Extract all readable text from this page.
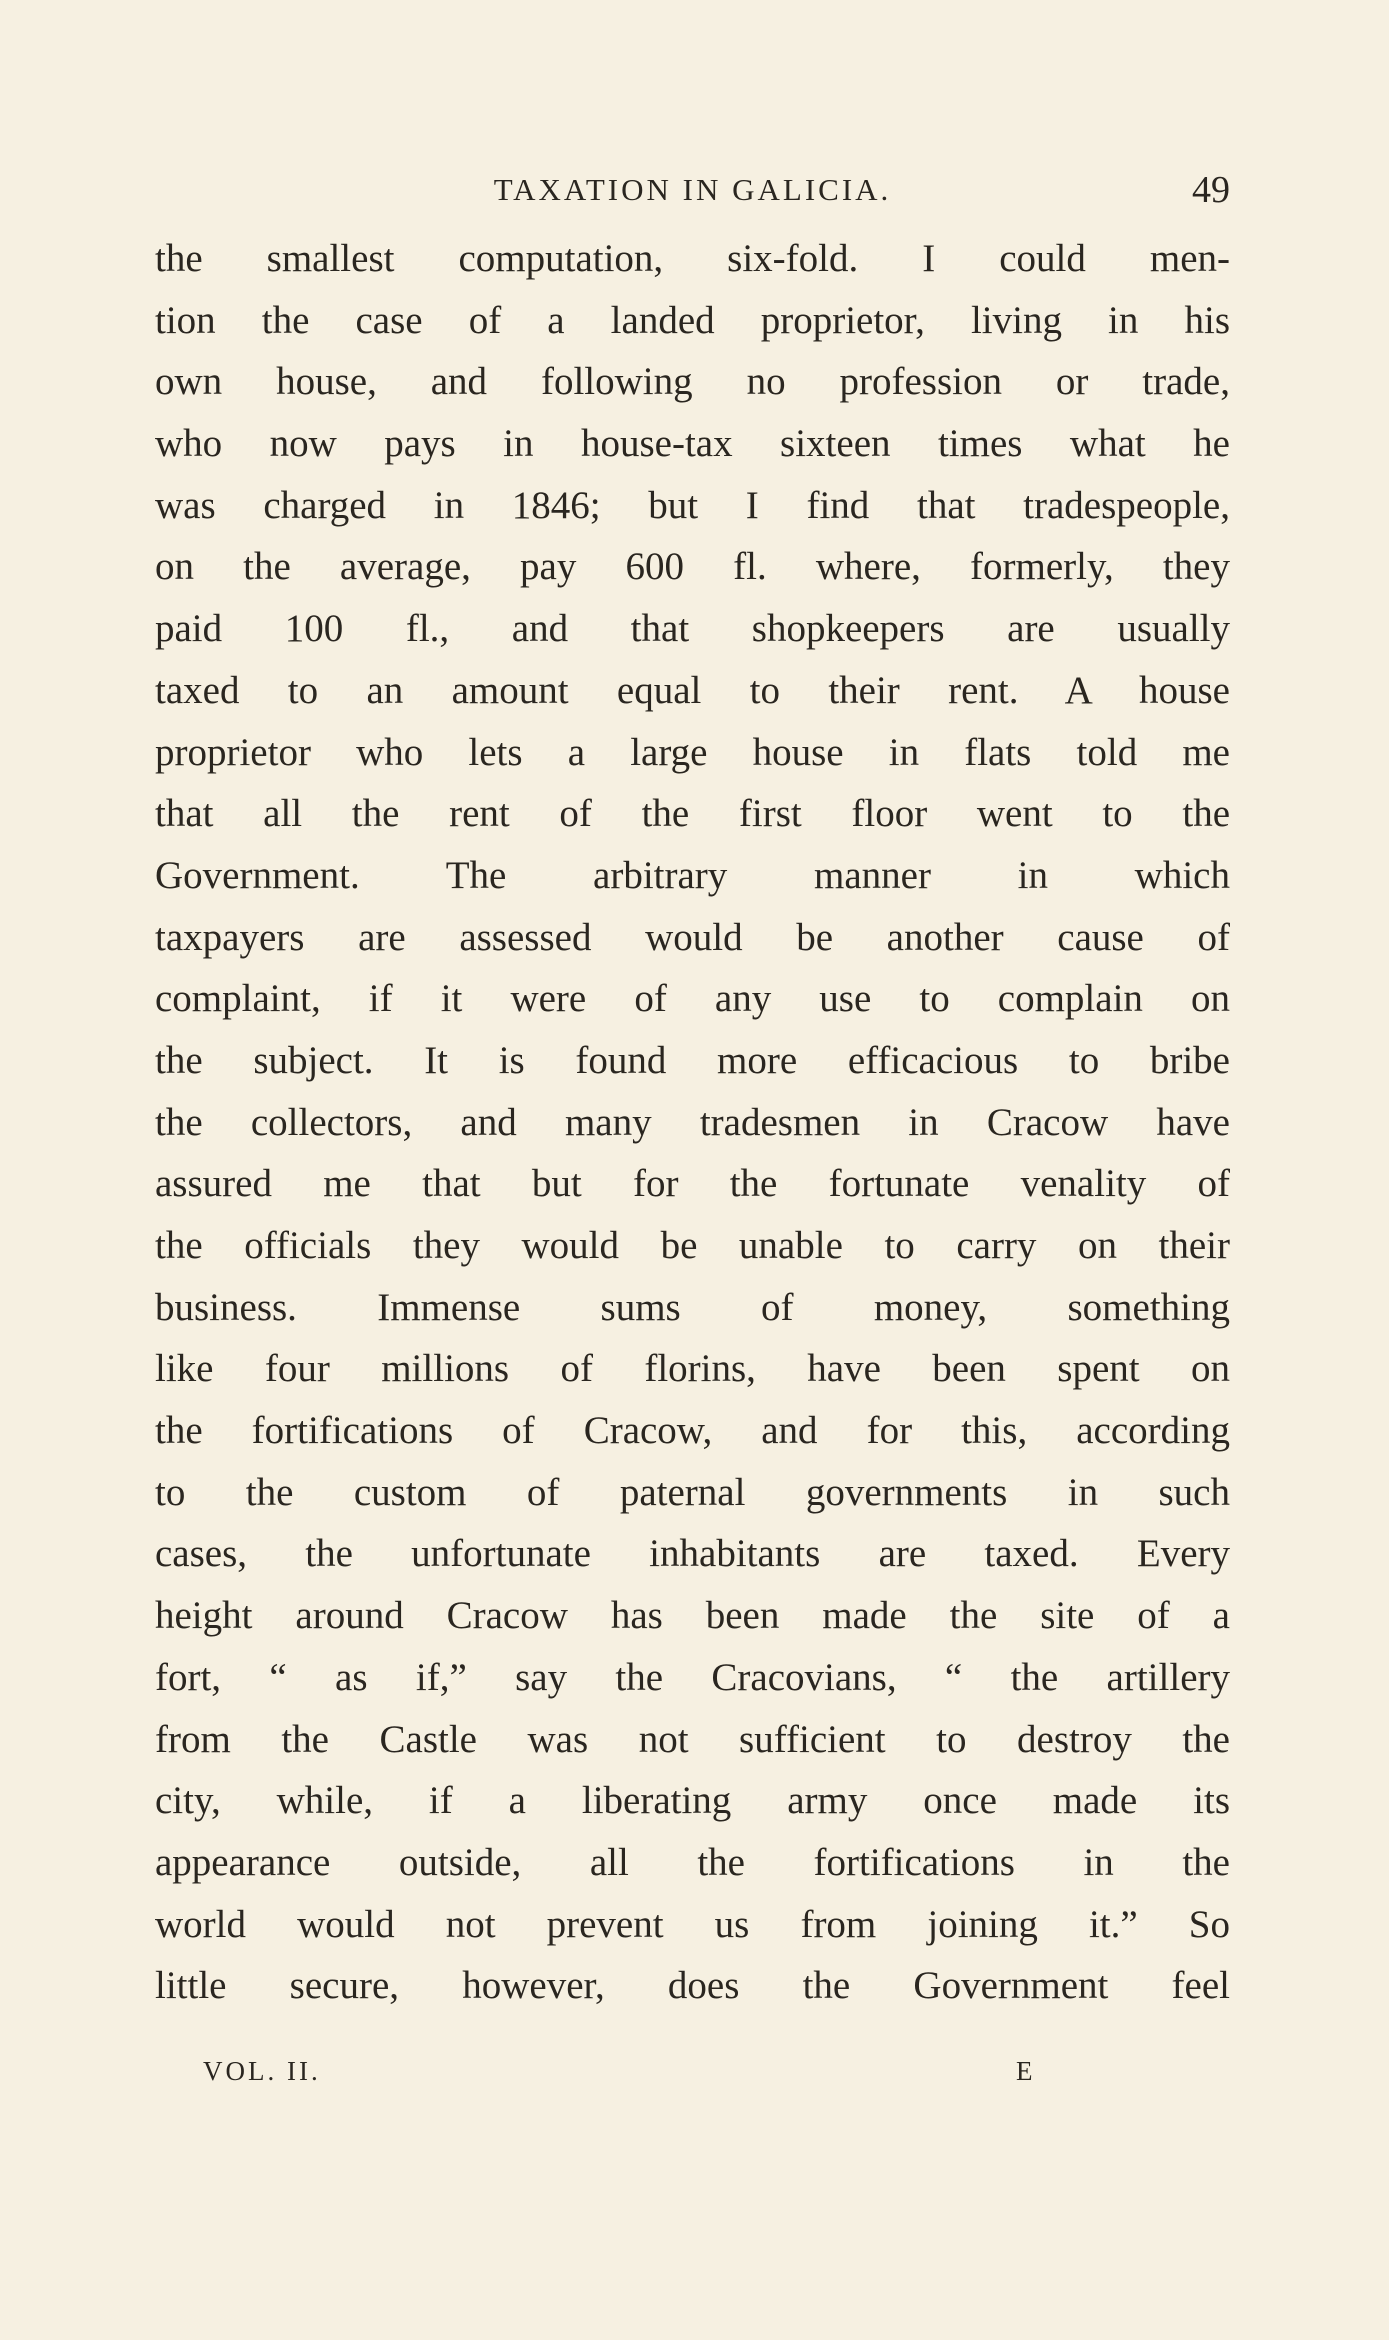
TAXATION IN GALICIA.	49
the smallest computation, six-fold. I could men-
tion the case of a landed proprietor, living in his
own house, and following no profession or trade,
who now pays in house-tax sixteen times what he
was charged in 1846; but I find that tradespeople,
on the average, pay 600 fl. where, formerly, they
paid 100 fl., and that shopkeepers are usually
taxed to an amount equal to their rent. A house
proprietor who lets a large house in flats told me
that all the rent of the first floor went to the
Government. The arbitrary manner in which
taxpayers are assessed would be another cause of
complaint, if it were of any use to complain on
the subject. It is found more efficacious to bribe
the collectors, and many tradesmen in Cracow have
assured me that but for the fortunate venality of
the officials they would be unable to carry on their
business. Immense sums of money, something
like four millions of florins, have been spent on
the fortifications of Cracow, and for this, according
to the custom of paternal governments in such
cases, the unfortunate inhabitants are taxed. Every
height around Cracow has been made the site of a
fort, “ as if,” say the Cracovians, “ the artillery
from the Castle was not sufficient to destroy the
city, while, if a liberating army once made its
appearance outside, all the fortifications in the
world would not prevent us from joining it.” So
little secure, however, does the Government feel
VOL. II.	E
